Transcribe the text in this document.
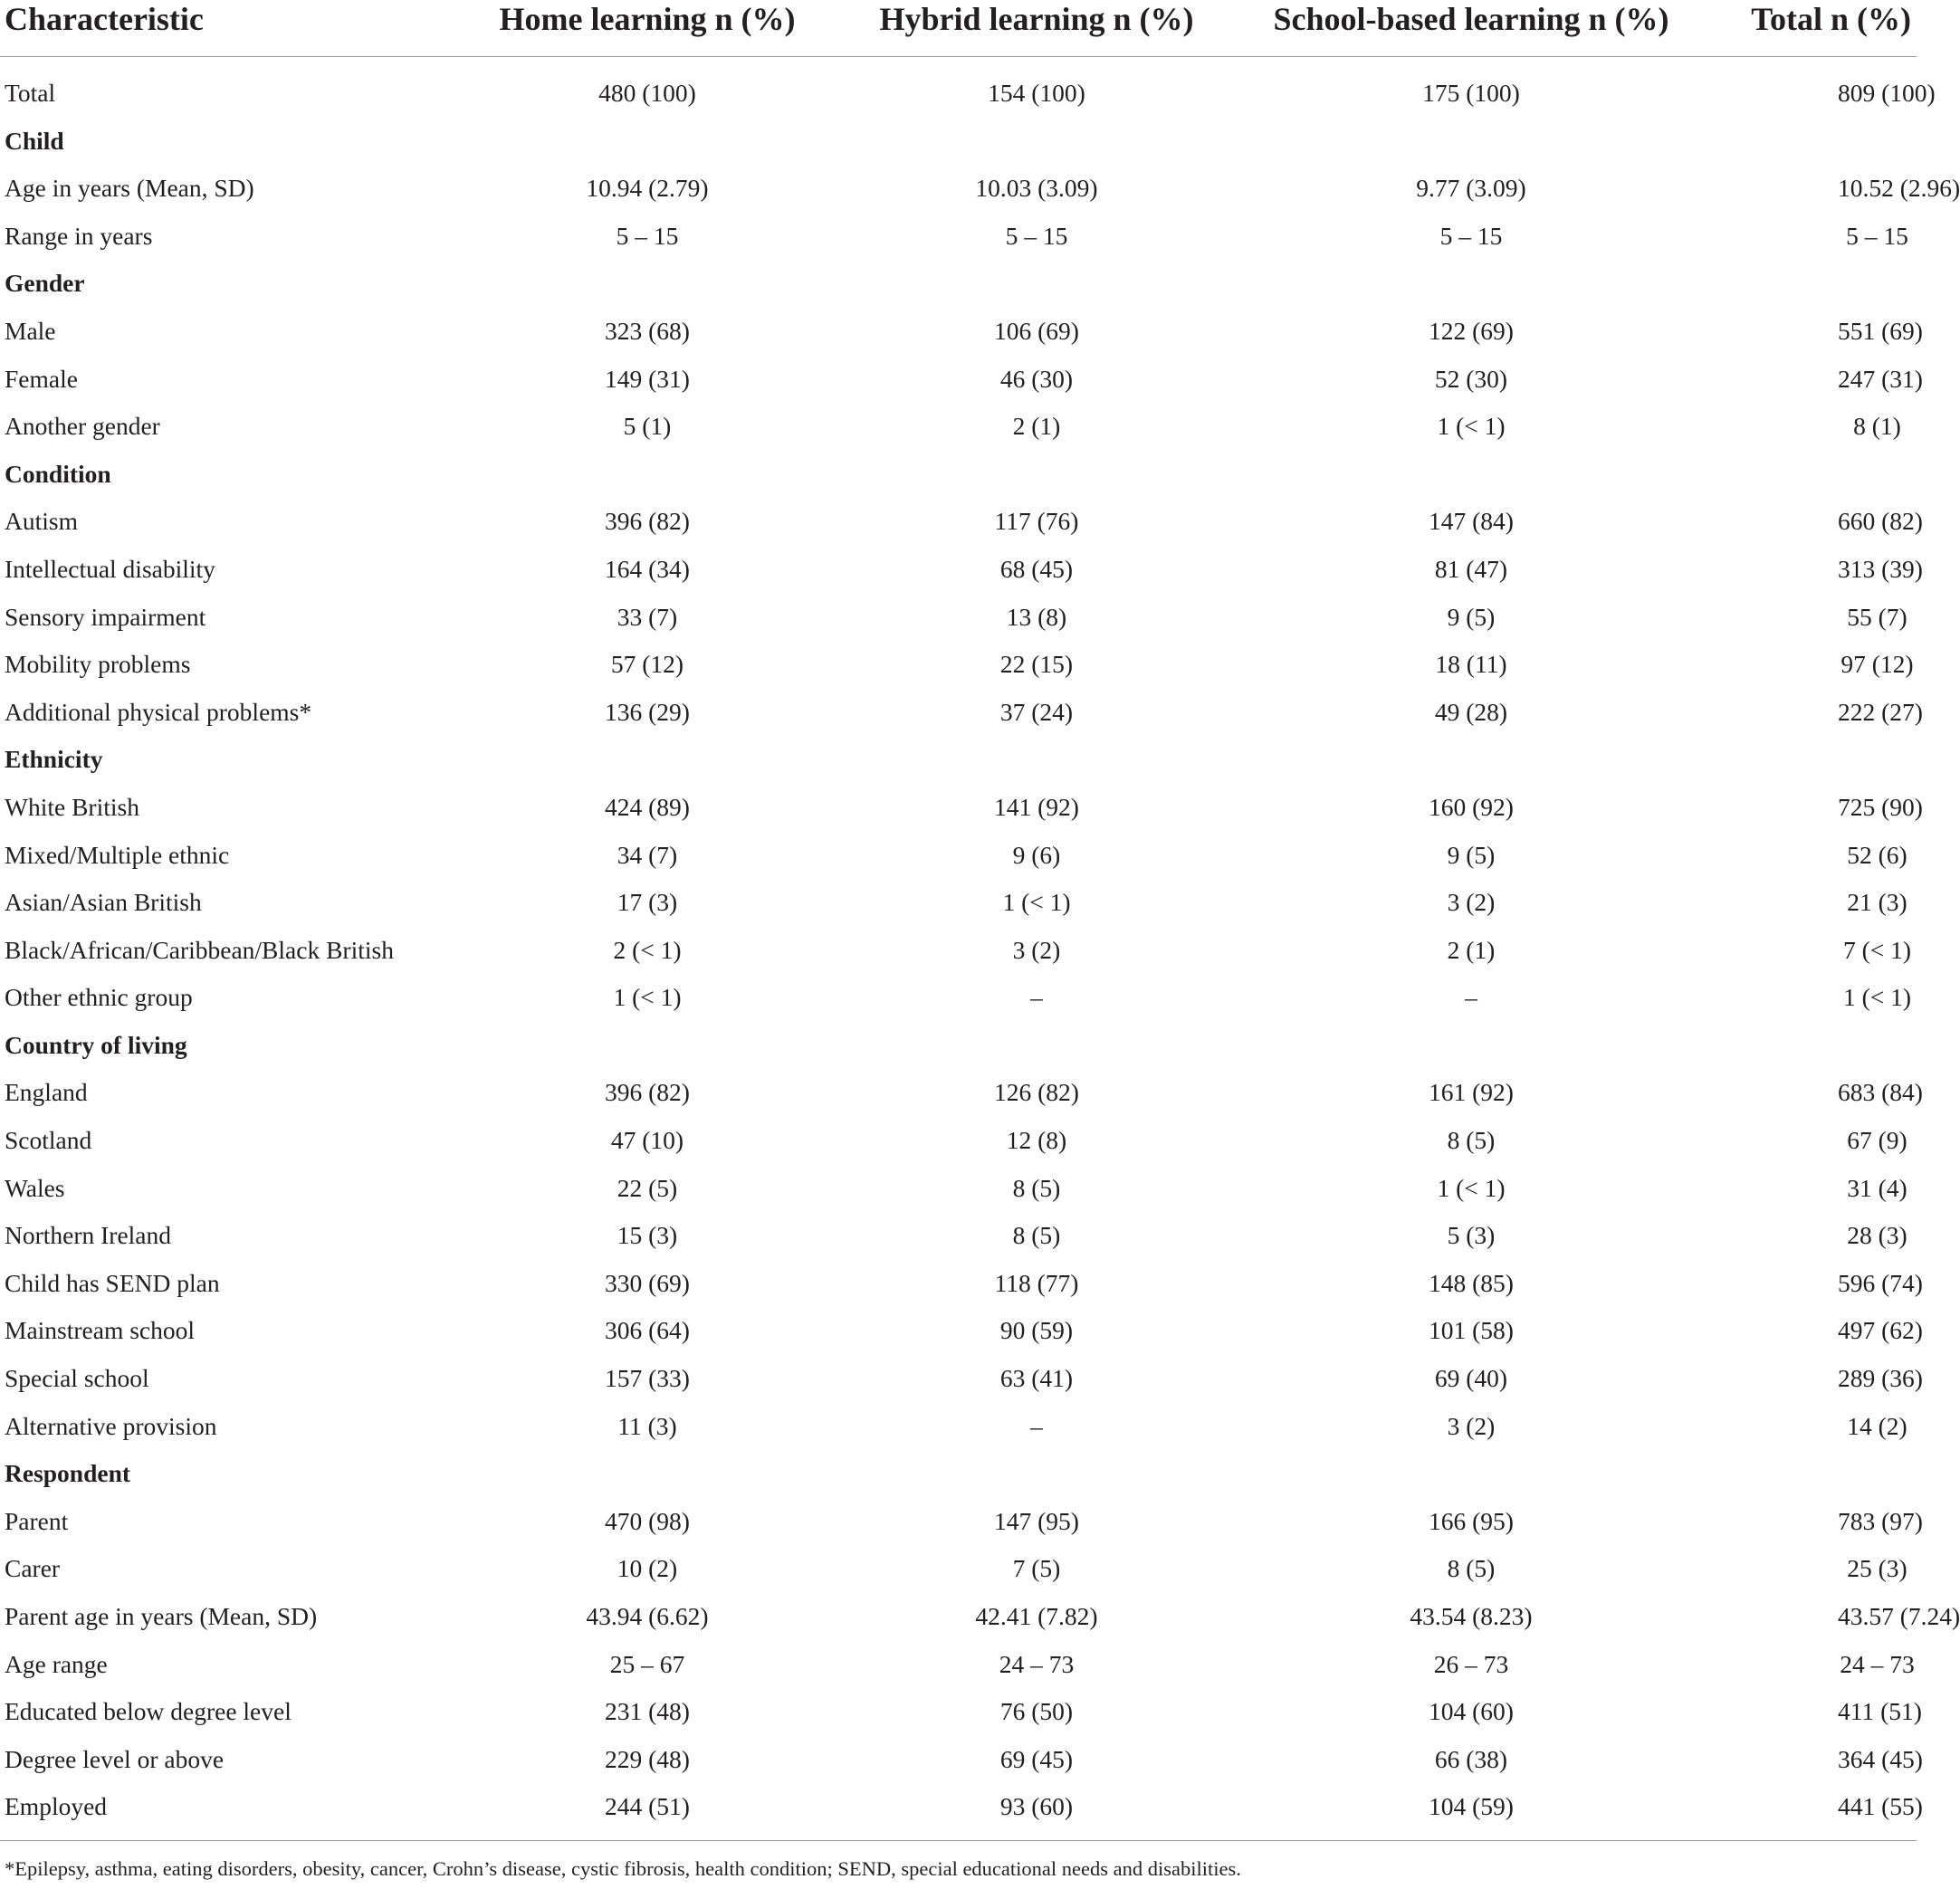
Characteristic	Home learning n (%)	Hybrid learning n (%)	School-based learning n (%)	Total n (%)
Total	480 (100)	154 (100)	175 (100)	809 (100)
Child				
Age in years (Mean, SD)	10.94 (2.79)	10.03 (3.09)	9.77 (3.09)	10.52 (2.96)
Range in years	5 – 15	5 – 15	5 – 15	5 – 15
Gender				
Male	323 (68)	106 (69)	122 (69)	551 (69)
Female	149 (31)	46 (30)	52 (30)	247 (31)
Another gender	5 (1)	2 (1)	1 (< 1)	8 (1)
Condition				
Autism	396 (82)	117 (76)	147 (84)	660 (82)
Intellectual disability	164 (34)	68 (45)	81 (47)	313 (39)
Sensory impairment	33 (7)	13 (8)	9 (5)	55 (7)
Mobility problems	57 (12)	22 (15)	18 (11)	97 (12)
Additional physical problems*	136 (29)	37 (24)	49 (28)	222 (27)
Ethnicity				
White British	424 (89)	141 (92)	160 (92)	725 (90)
Mixed/Multiple ethnic	34 (7)	9 (6)	9 (5)	52 (6)
Asian/Asian British	17 (3)	1 (< 1)	3 (2)	21 (3)
Black/African/Caribbean/Black British	2 (< 1)	3 (2)	2 (1)	7 (< 1)
Other ethnic group	1 (< 1)	–	–	1 (< 1)
Country of living				
England	396 (82)	126 (82)	161 (92)	683 (84)
Scotland	47 (10)	12 (8)	8 (5)	67 (9)
Wales	22 (5)	8 (5)	1 (< 1)	31 (4)
Northern Ireland	15 (3)	8 (5)	5 (3)	28 (3)
Child has SEND plan	330 (69)	118 (77)	148 (85)	596 (74)
Mainstream school	306 (64)	90 (59)	101 (58)	497 (62)
Special school	157 (33)	63 (41)	69 (40)	289 (36)
Alternative provision	11 (3)	–	3 (2)	14 (2)
Respondent				
Parent	470 (98)	147 (95)	166 (95)	783 (97)
Carer	10 (2)	7 (5)	8 (5)	25 (3)
Parent age in years (Mean, SD)	43.94 (6.62)	42.41 (7.82)	43.54 (8.23)	43.57 (7.24)
Age range	25 – 67	24 – 73	26 – 73	24 – 73
Educated below degree level	231 (48)	76 (50)	104 (60)	411 (51)
Degree level or above	229 (48)	69 (45)	66 (38)	364 (45)
Employed	244 (51)	93 (60)	104 (59)	441 (55)
*Epilepsy, asthma, eating disorders, obesity, cancer, Crohn’s disease, cystic fibrosis, health condition; SEND, special educational needs and disabilities.
